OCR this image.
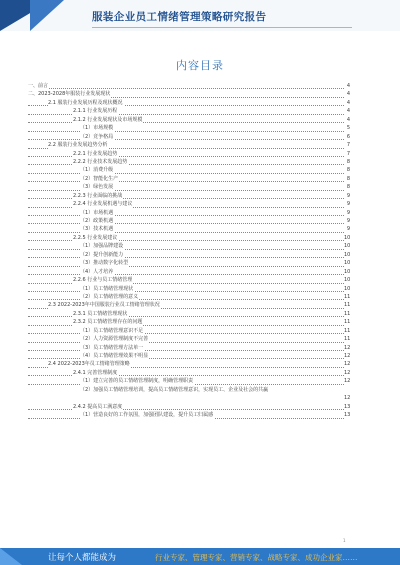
服装企业员工情绪管理策略研究报告
内容目录
一、前言	4
二、2023-2028年服装行业发展现状	4
2.1 服装行业发展历程及现状概况	4
2.1.1 行业发展历程	4
2.1.2 行业发展现状及市场规模	4
（1）市场规模	5
（2）竞争格局	6
2.2 服装行业发展趋势分析	7
2.2.1 行业发展趋势	7
2.2.2 行业技术发展趋势	8
（1）消费升级	8
（2）智能化生产	8
（3）绿色发展	8
2.2.3 行业面临的挑战	9
2.2.4 行业发展机遇与建议	9
（1）市场机遇	9
（2）政策机遇	9
（3）技术机遇	9
2.2.5 行业发展建议	10
（1）加强品牌建设	10
（2）提升创新能力	10
（3）推动数字化转型	10
（4）人才培养	10
2.2.6 行业与员工情绪管理	10
（1）员工情绪管理现状	10
（2）员工情绪管理的意义	11
2.3 2022-2023年中国服装行业员工情绪管理状况	11
2.3.1 员工情绪管理现状	11
2.3.2 员工情绪管理存在的问题	11
（1）员工情绪管理意识不足	11
（2）人力资源管理制度不完善	11
（3）员工情绪管理方法单一	12
（4）员工情绪管理效果不明显	12
2.4 2022-2023年员工情绪管理策略	12
2.4.1 完善管理制度	12
（1）建立完善的员工情绪管理制度，明确管理职责	12
（2）加强员工情绪管理培训，提高员工情绪管理意识，实现员工、企业及社会的共赢
12
2.4.2 提高员工满意度	13
（1）营造良好的工作氛围，加强团队建设，提升员工归属感	13
1
让每个人都能成为	行业专家、管理专家、营销专家、战略专家、成功企业家……
